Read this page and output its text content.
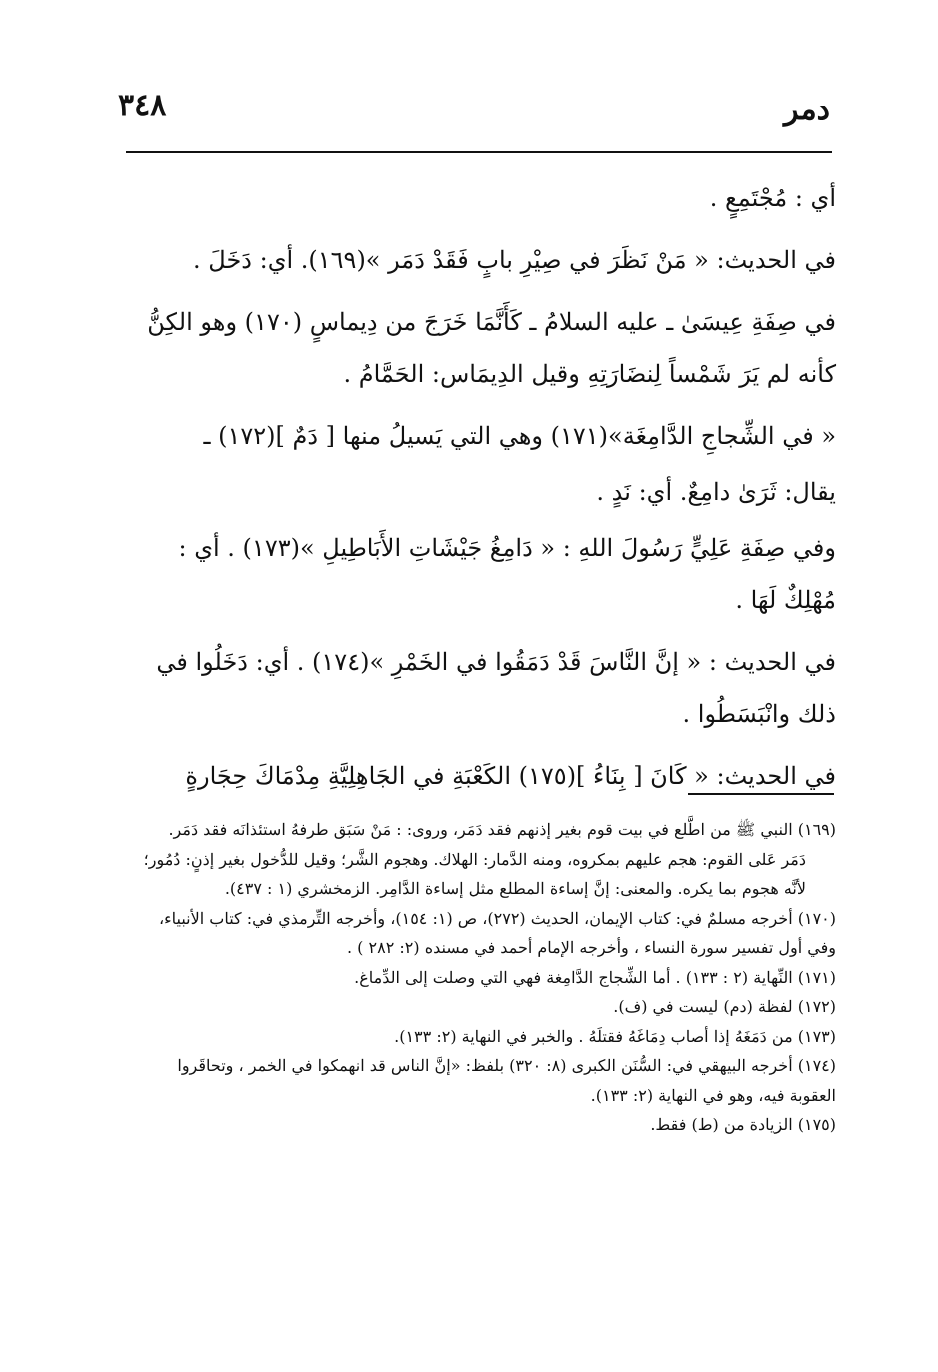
٣٤٨	دمر

أي : مُجْتَمِعٍ .

في الحديث: « مَنْ نَظَرَ في صِيْرِ بابٍ فَقَدْ دَمَر »(١٦٩). أي: دَخَلَ .

في صِفَةِ عِيسَىٰ ـ عليه السلامُ ـ كَأَنَّمَا خَرَجَ من دِيماسٍ (١٧٠) وهو الكِنُّ كأنه لم يَرَ شَمْساً لِنضَارَتِهِ وقيل الدِيمَاس: الحَمَّامُ .

« في الشِّجاجِ الدَّامِغَة»(١٧١) وهي التي يَسيلُ منها [ دَمٌ ](١٧٢) ـ

يقال: ثَرَىٰ دامِعٌ. أي: نَدٍ .

وفي صِفَةِ عَلِيٍّ رَسُولَ اللهِ : « دَامِغُ جَيْشَاتِ الأَبَاطِيلِ »(١٧٣) . أي : مُهْلِكٌ لَهَا .

في الحديث : « إنَّ النَّاسَ قَدْ دَمَقُوا في الخَمْرِ »(١٧٤) . أي: دَخَلُوا في ذلك وانْبَسَطُوا .

في الحديث: « كَانَ [ بِنَاءُ ](١٧٥) الكَعْبَةِ في الجَاهِلِيَّةِ مِدْمَاكَ حِجَارةٍ

(١٦٩) النبي ﷺ من اطَّلع في بيت قوم بغير إذنهم فقد دَمَر، وروى: : مَنْ سَبَق طرفهُ استئذانَه فقد دَمَر.

دَمَر عَلى القوم: هجم عليهم بمكروه، ومنه الدَّمار: الهلاك. وهجوم الشَّر؛ وقيل للدُّخول بغير إذنٍ: دُمُور؛ لأنَّه هجوم بما يكره. والمعنى: إنَّ إساءة المطلع مثل إساءة الدَّامِر. الزمخشري (١ : ٤٣٧).

(١٧٠) أخرجه مسلمٌ في: كتاب الإيمان، الحديث (٢٧٢)، ص (١: ١٥٤)، وأخرجه التِّرمذي في: كتاب الأنبياء، وفي أول تفسير سورة النساء ، وأخرجه الإمام أحمد في مسنده (٢: ٢٨٢ ) .

(١٧١) النِّهاية (٢ : ١٣٣) . أما الشِّجاج الدَّامِغة فهي التي وصلت إلى الدِّماغ.

(١٧٢) لفظة (دم) ليست في (ف).

(١٧٣) من دَمَغَهُ إذا أصاب دِمَاغَهُ فقتلَهُ . والخبر في النهاية (٢: ١٣٣).

(١٧٤) أخرجه البيهقي في: السُّنَن الكبرى (٨: ٣٢٠) بلفظ: «إنَّ الناس قد انهمكوا في الخمر ، وتحاقَروا العقوبة فيه، وهو في النهاية (٢: ١٣٣).

(١٧٥) الزيادة من (ط) فقط.
